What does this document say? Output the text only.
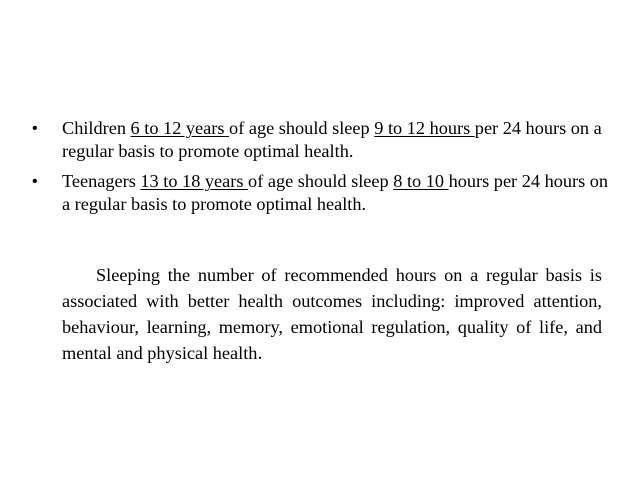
•	Children 6 to 12 years of age should sleep 9 to 12 hours per 24 hours on a regular basis to promote optimal health.
•	Teenagers 13 to 18 years of age should sleep 8 to 10 hours per 24 hours on a regular basis to promote optimal health.

Sleeping the number of recommended hours on a regular basis is associated with better health outcomes including: improved attention, behaviour, learning, memory, emotional regulation, quality of life, and mental and physical health.
